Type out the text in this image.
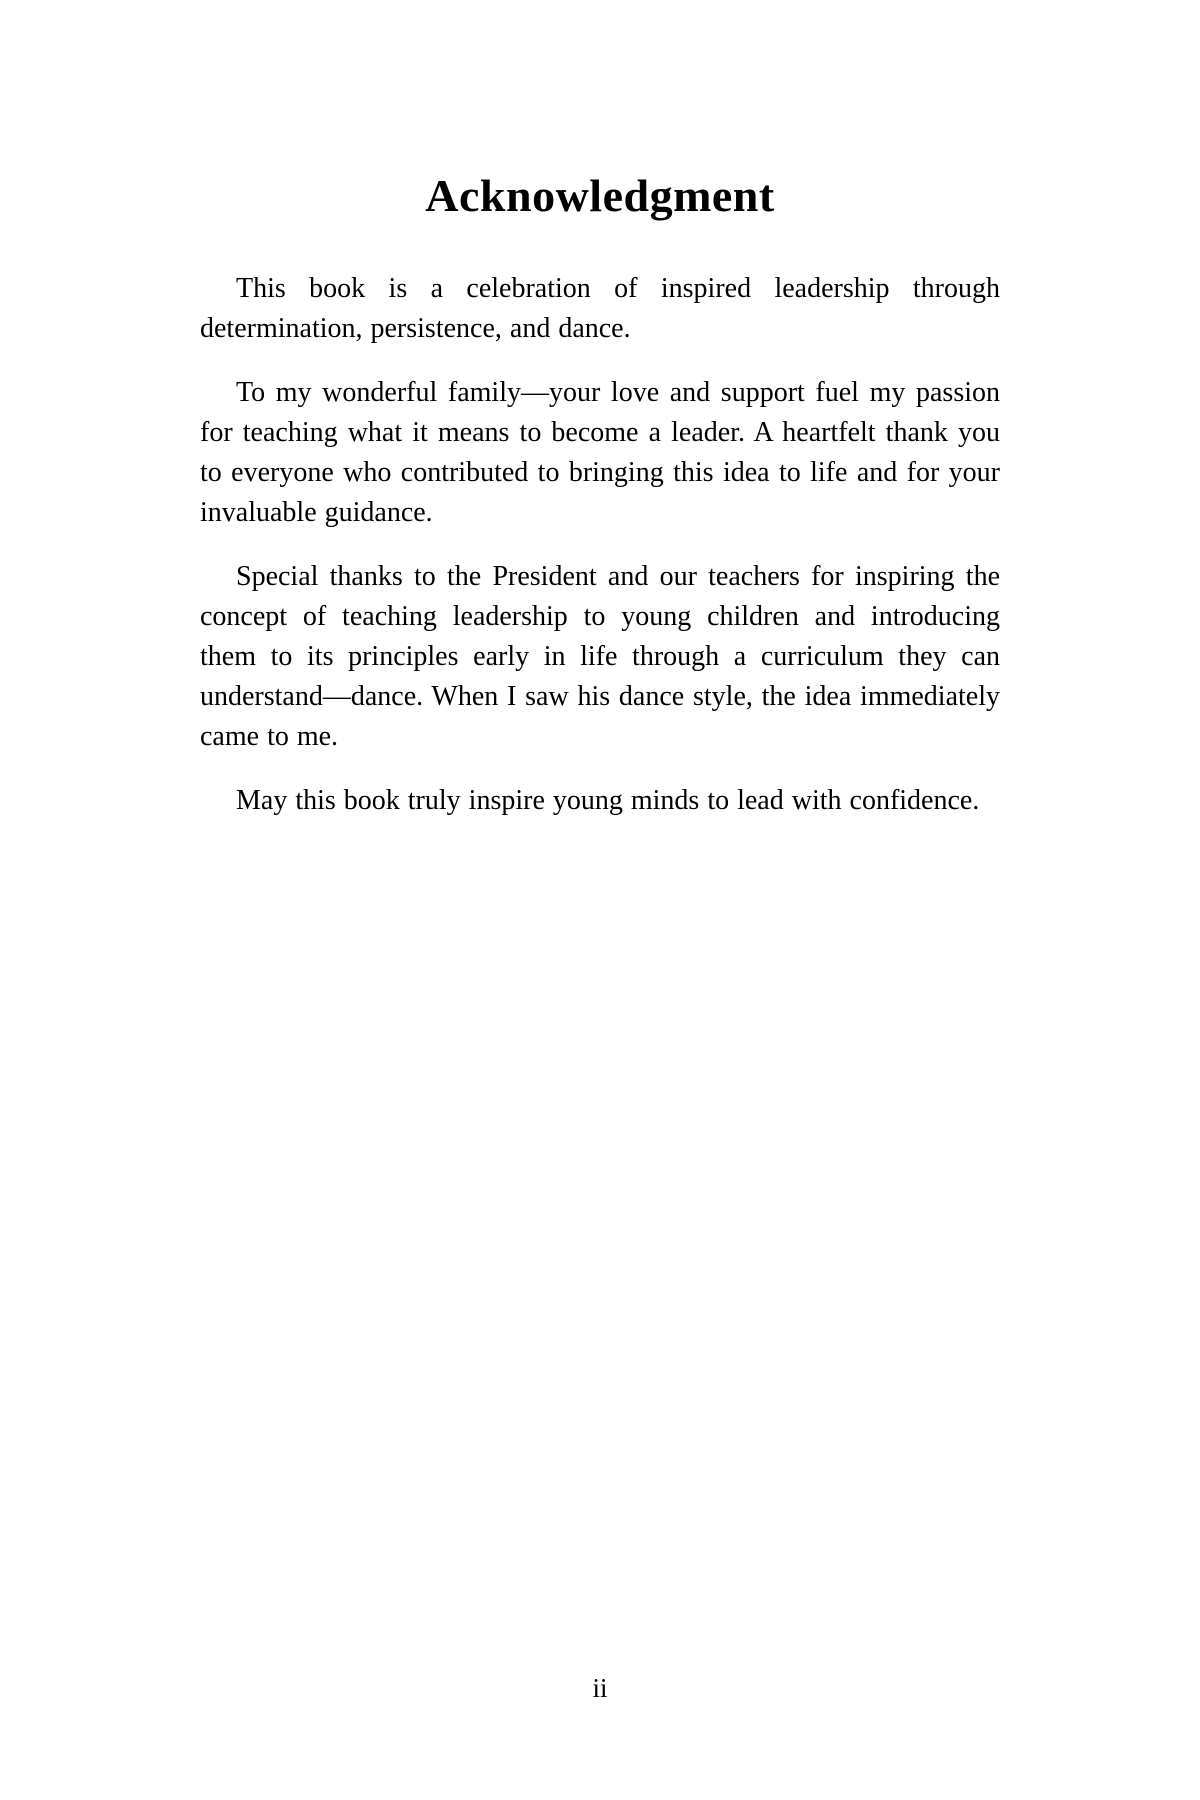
Acknowledgment

This book is a celebration of inspired leadership through determination, persistence, and dance.

To my wonderful family—your love and support fuel my passion for teaching what it means to become a leader. A heartfelt thank you to everyone who contributed to bringing this idea to life and for your invaluable guidance.

Special thanks to the President and our teachers for inspiring the concept of teaching leadership to young children and introducing them to its principles early in life through a curriculum they can understand—dance. When I saw his dance style, the idea immediately came to me.

May this book truly inspire young minds to lead with confidence.

ii
